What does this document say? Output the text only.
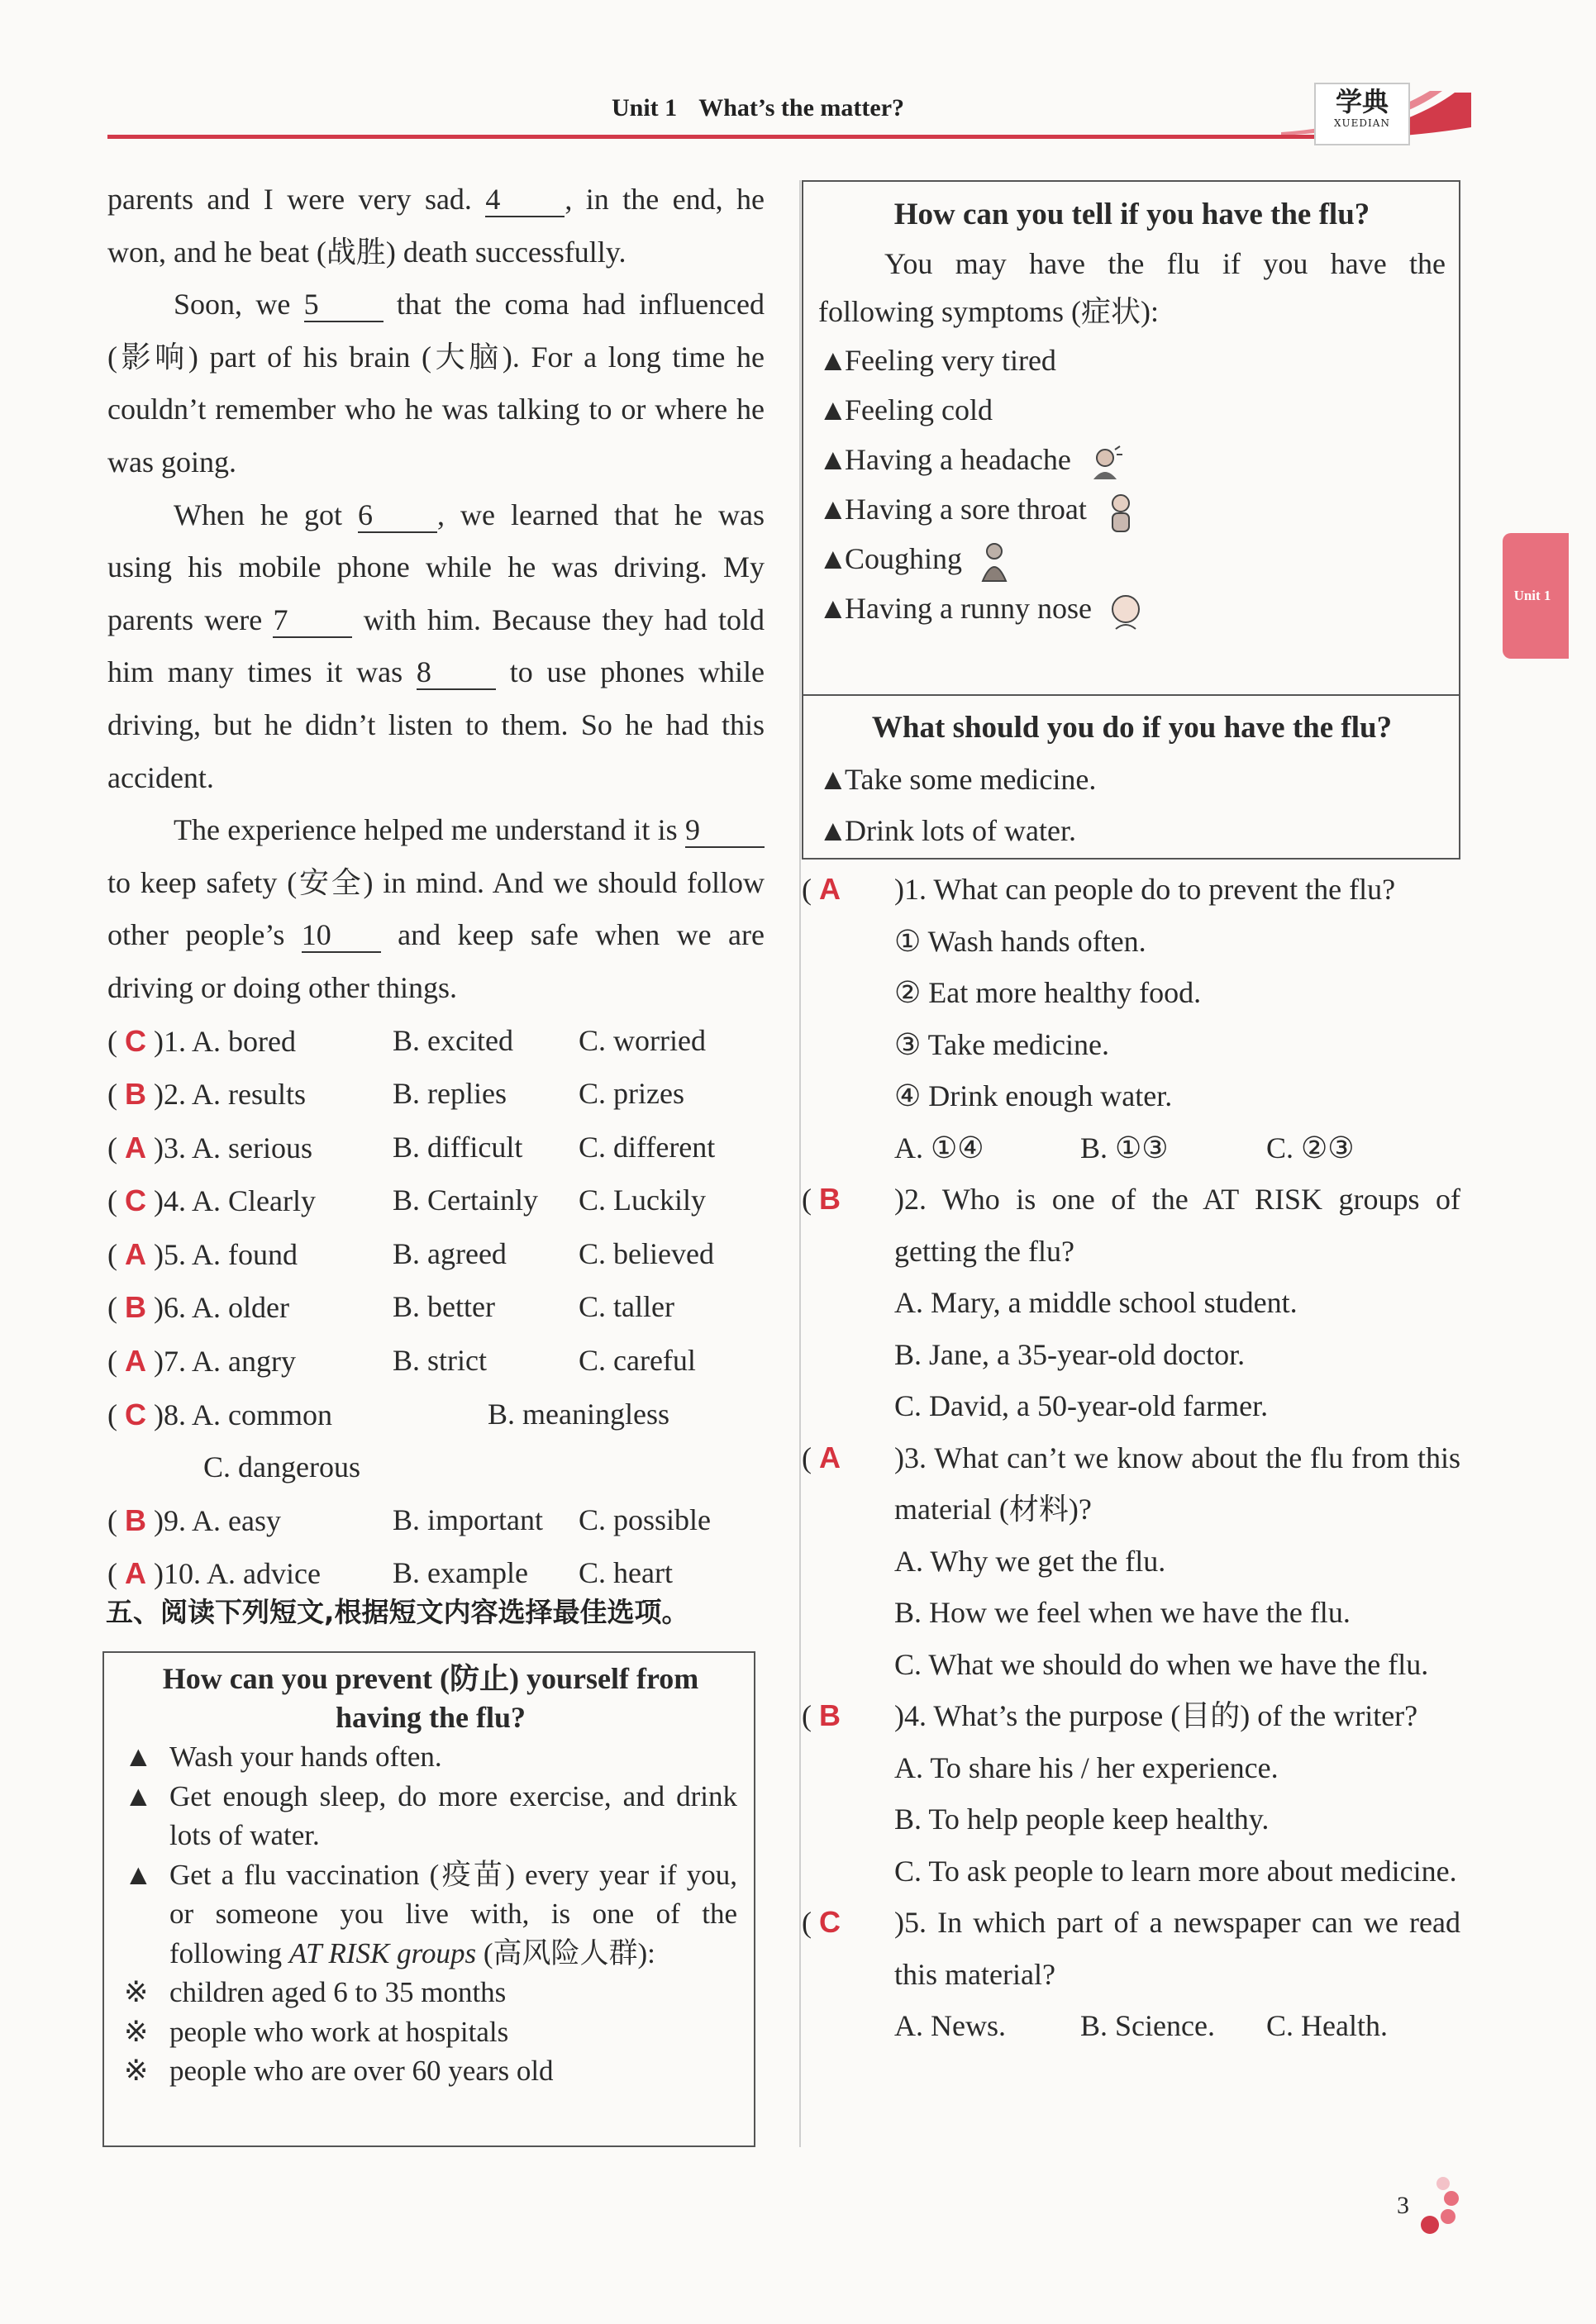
Unit 1 What’s the matter?	学典
XUEDIAN
Unit 1

parents and I were very sad. 4 , in the end, he won, and he beat (战胜) death successfully.

Soon, we 5 that the coma had influenced (影响) part of his brain (大脑). For a long time he couldn’t remember who he was talking to or where he was going.

When he got 6 , we learned that he was using his mobile phone while he was driving. My parents were 7 with him. Because they had told him many times it was 8 to use phones while driving, but he didn’t listen to them. So he had this accident.

The experience helped me understand it is 9 to keep safety (安全) in mind. And we should follow other people’s 10 and keep safe when we are driving or doing other things.

( C )1. A. bored	B. excited	C. worried
( B )2. A. results	B. replies	C. prizes
( A )3. A. serious	B. difficult	C. different
( C )4. A. Clearly	B. Certainly	C. Luckily
( A )5. A. found	B. agreed	C. believed
( B )6. A. older	B. better	C. taller
( A )7. A. angry	B. strict	C. careful
( C )8. A. common	B. meaningless
C. dangerous
( B )9. A. easy	B. important	C. possible
( A )10. A. advice	B. example	C. heart
五、阅读下列短文,根据短文内容选择最佳选项。
How can you prevent (防止) yourself from having the flu?
▲ Wash your hands often.
▲ Get enough sleep, do more exercise, and drink lots of water.
▲ Get a flu vaccination (疫苗) every year if you, or someone you live with, is one of the following AT RISK groups (高风险人群):
※ children aged 6 to 35 months
※ people who work at hospitals
※ people who are over 60 years old
How can you tell if you have the flu?
You may have the flu if you have the following symptoms (症状):
▲Feeling very tired
▲Feeling cold
▲Having a headache
▲Having a sore throat
▲Coughing
▲Having a runny nose
What should you do if you have the flu?
▲Take some medicine.
▲Drink lots of water.
( A )1. What can people do to prevent the flu?
① Wash hands often.
② Eat more healthy food.
③ Take medicine.
④ Drink enough water.
A. ①④	B. ①③	C. ②③
( B )2. Who is one of the AT RISK groups of getting the flu?
A. Mary, a middle school student.
B. Jane, a 35-year-old doctor.
C. David, a 50-year-old farmer.
( A )3. What can’t we know about the flu from this material (材料)?
A. Why we get the flu.
B. How we feel when we have the flu.
C. What we should do when we have the flu.
( B )4. What’s the purpose (目的) of the writer?
A. To share his / her experience.
B. To help people keep healthy.
C. To ask people to learn more about medicine.
( C )5. In which part of a newspaper can we read this material?
A. News.	B. Science.	C. Health.
3
